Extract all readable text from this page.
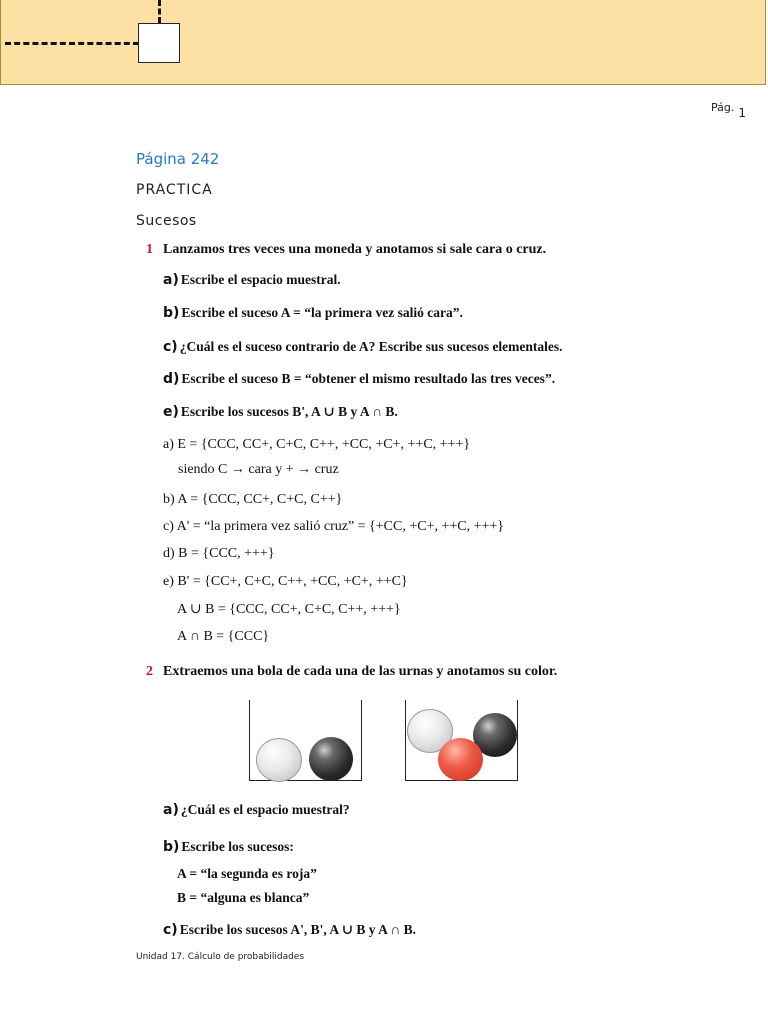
Pág. 1
Página 242
PRACTICA
Sucesos
1 Lanzamos tres veces una moneda y anotamos si sale cara o cruz.
a) Escribe el espacio muestral.
b) Escribe el suceso A = “la primera vez salió cara”.
c) ¿Cuál es el suceso contrario de A? Escribe sus sucesos elementales.
d) Escribe el suceso B = “obtener el mismo resultado las tres veces”.
e) Escribe los sucesos B', A ∪ B y A ∩ B.
a) E = {CCC, CC+, C+C, C++, +CC, +C+, ++C, +++}
siendo C → cara y + → cruz
b) A = {CCC, CC+, C+C, C++}
c) A' = “la primera vez salió cruz” = {+CC, +C+, ++C, +++}
d) B = {CCC, +++}
e) B' = {CC+, C+C, C++, +CC, +C+, ++C}
A ∪ B = {CCC, CC+, C+C, C++, +++}
A ∩ B = {CCC}
2 Extraemos una bola de cada una de las urnas y anotamos su color.
a) ¿Cuál es el espacio muestral?
b) Escribe los sucesos:
A = “la segunda es roja”
B = “alguna es blanca”
c) Escribe los sucesos A', B', A ∪ B y A ∩ B.
Unidad 17. Cálculo de probabilidades
